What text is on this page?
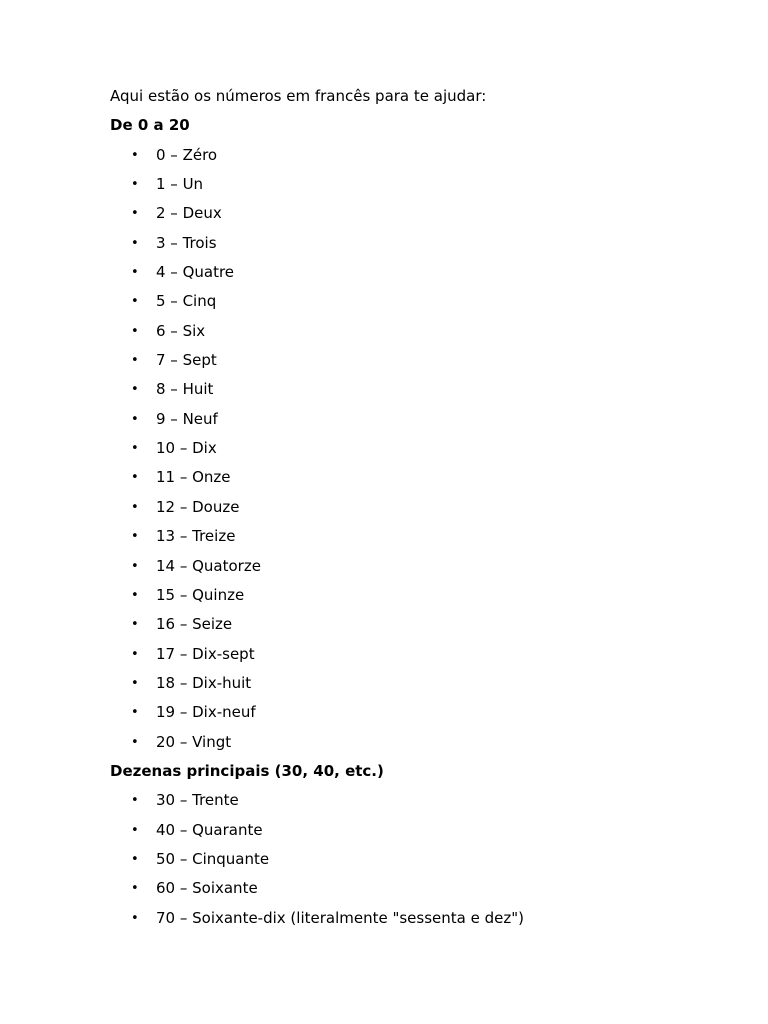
Aqui estão os números em francês para te ajudar:
De 0 a 20
• 0 – Zéro
• 1 – Un
• 2 – Deux
• 3 – Trois
• 4 – Quatre
• 5 – Cinq
• 6 – Six
• 7 – Sept
• 8 – Huit
• 9 – Neuf
• 10 – Dix
• 11 – Onze
• 12 – Douze
• 13 – Treize
• 14 – Quatorze
• 15 – Quinze
• 16 – Seize
• 17 – Dix-sept
• 18 – Dix-huit
• 19 – Dix-neuf
• 20 – Vingt
Dezenas principais (30, 40, etc.)
• 30 – Trente
• 40 – Quarante
• 50 – Cinquante
• 60 – Soixante
• 70 – Soixante-dix (literalmente "sessenta e dez")
